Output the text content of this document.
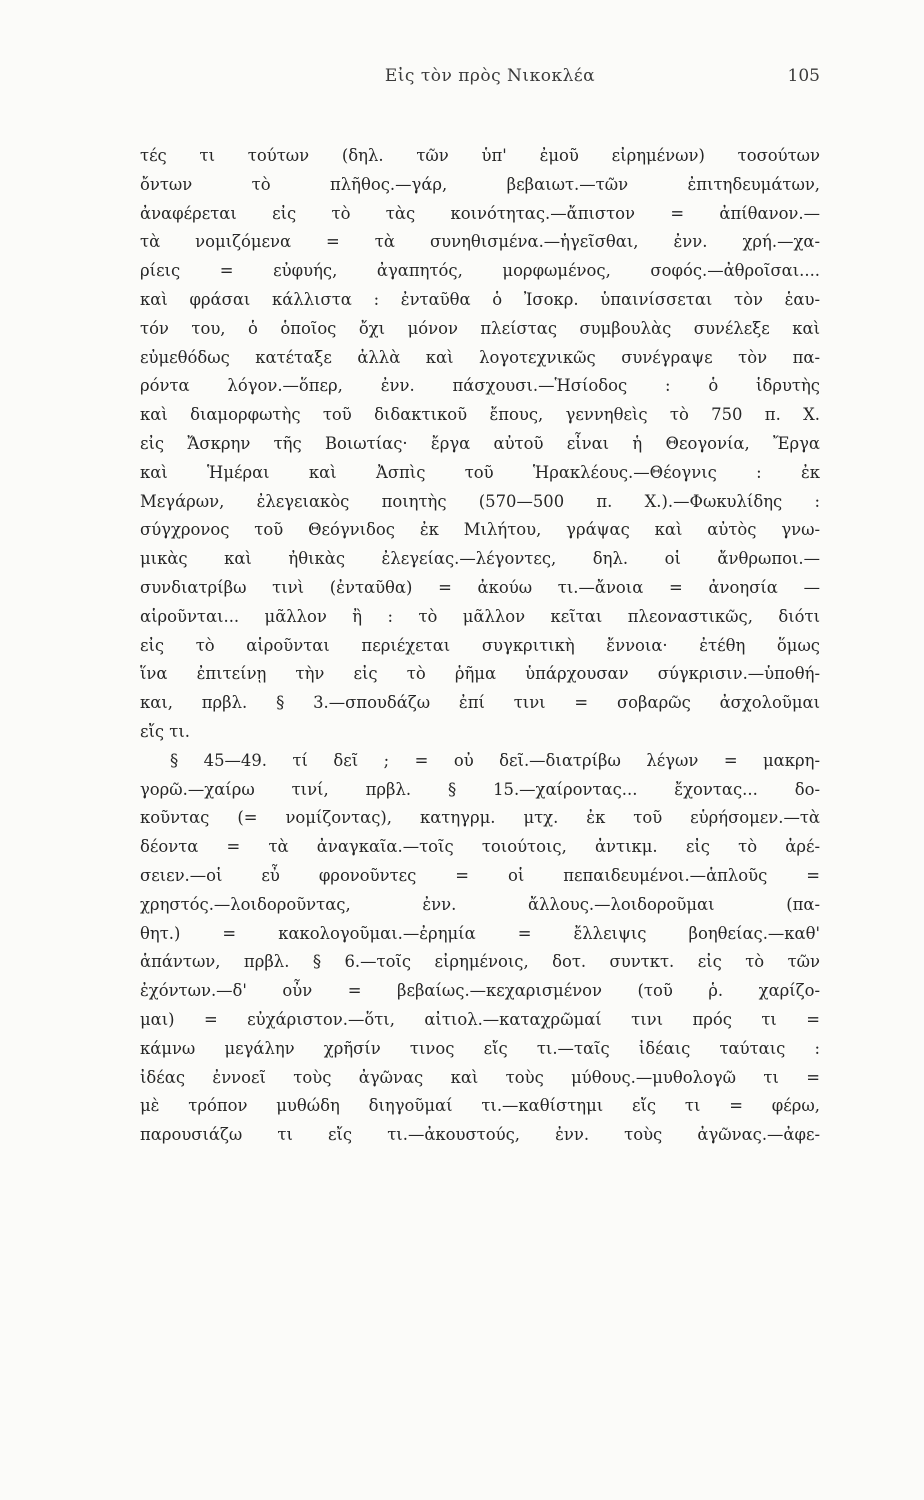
Εἰς τὸν πρὸς Νικοκλέα	105
τές τι τούτων (δηλ. τῶν ὑπ' ἐμοῦ εἰρημένων) τοσούτων
ὄντων τὸ πλῆθος.—γάρ, βεβαιωτ.—τῶν ἐπιτηδευμάτων,
ἀναφέρεται εἰς τὸ τὰς κοινότητας.—ἄπιστον = ἀπίθανον.—
τὰ νομιζόμενα = τὰ συνηθισμένα.—ἡγεῖσθαι, ἐνν. χρή.—χα-
ρίεις = εὐφυής, ἀγαπητός, μορφωμένος, σοφός.—ἀθροῖσαι....
καὶ φράσαι κάλλιστα : ἐνταῦθα ὁ Ἰσοκρ. ὑπαινίσσεται τὸν ἑαυ-
τόν του, ὁ ὁποῖος ὄχι μόνον πλείστας συμβουλὰς συνέλεξε καὶ
εὐμεθόδως κατέταξε ἀλλὰ καὶ λογοτεχνικῶς συνέγραψε τὸν πα-
ρόντα λόγον.—ὅπερ, ἐνν. πάσχουσι.—Ἡσίοδος : ὁ ἱδρυτὴς
καὶ διαμορφωτὴς τοῦ διδακτικοῦ ἔπους, γεννηθεὶς τὸ 750 π. Χ.
εἰς Ἄσκρην τῆς Βοιωτίας· ἔργα αὐτοῦ εἶναι ἡ Θεογονία, Ἔργα
καὶ Ἡμέραι καὶ Ἀσπὶς τοῦ Ἡρακλέους.—Θέογνις : ἐκ
Μεγάρων, ἐλεγειακὸς ποιητὴς (570—500 π. Χ.).—Φωκυλίδης :
σύγχρονος τοῦ Θεόγνιδος ἐκ Μιλήτου, γράψας καὶ αὐτὸς γνω-
μικὰς καὶ ἠθικὰς ἐλεγείας.—λέγοντες, δηλ. οἱ ἄνθρωποι.—
συνδιατρίβω τινὶ (ἐνταῦθα) = ἀκούω τι.—ἄνοια = ἀνοησία —
αἱροῦνται... μᾶλλον ἢ : τὸ μᾶλλον κεῖται πλεοναστικῶς, διότι
εἰς τὸ αἱροῦνται περιέχεται συγκριτικὴ ἔννοια· ἐτέθη ὅμως
ἵνα ἐπιτείνῃ τὴν εἰς τὸ ῥῆμα ὑπάρχουσαν σύγκρισιν.—ὑποθή-
και, πρβλ. § 3.—σπουδάζω ἐπί τινι = σοβαρῶς ἀσχολοῦμαι
εἴς τι.
§ 45—49. τί δεῖ ; = οὐ δεῖ.—διατρίβω λέγων = μακρη-
γορῶ.—χαίρω τινί, πρβλ. § 15.—χαίροντας... ἔχοντας... δο-
κοῦντας (= νομίζοντας), κατηγρμ. μτχ. ἐκ τοῦ εὑρήσομεν.—τὰ
δέοντα = τὰ ἀναγκαῖα.—τοῖς τοιούτοις, ἀντικμ. εἰς τὸ ἀρέ-
σειεν.—οἱ εὖ φρονοῦντες = οἱ πεπαιδευμένοι.—ἁπλοῦς =
χρηστός.—λοιδοροῦντας, ἐνν. ἄλλους.—λοιδοροῦμαι (πα-
θητ.) = κακολογοῦμαι.—ἐρημία = ἔλλειψις βοηθείας.—καθ'
ἁπάντων, πρβλ. § 6.—τοῖς εἰρημένοις, δοτ. συντκτ. εἰς τὸ τῶν
ἐχόντων.—δ' οὖν = βεβαίως.—κεχαρισμένον (τοῦ ῥ. χαρίζο-
μαι) = εὐχάριστον.—ὅτι, αἰτιολ.—καταχρῶμαί τινι πρός τι =
κάμνω μεγάλην χρῆσίν τινος εἴς τι.—ταῖς ἰδέαις ταύταις :
ἰδέας ἐννοεῖ τοὺς ἀγῶνας καὶ τοὺς μύθους.—μυθολογῶ τι =
μὲ τρόπον μυθώδη διηγοῦμαί τι.—καθίστημι εἴς τι = φέρω,
παρουσιάζω τι εἴς τι.—ἀκουστούς, ἐνν. τοὺς ἀγῶνας.—ἀφε-
